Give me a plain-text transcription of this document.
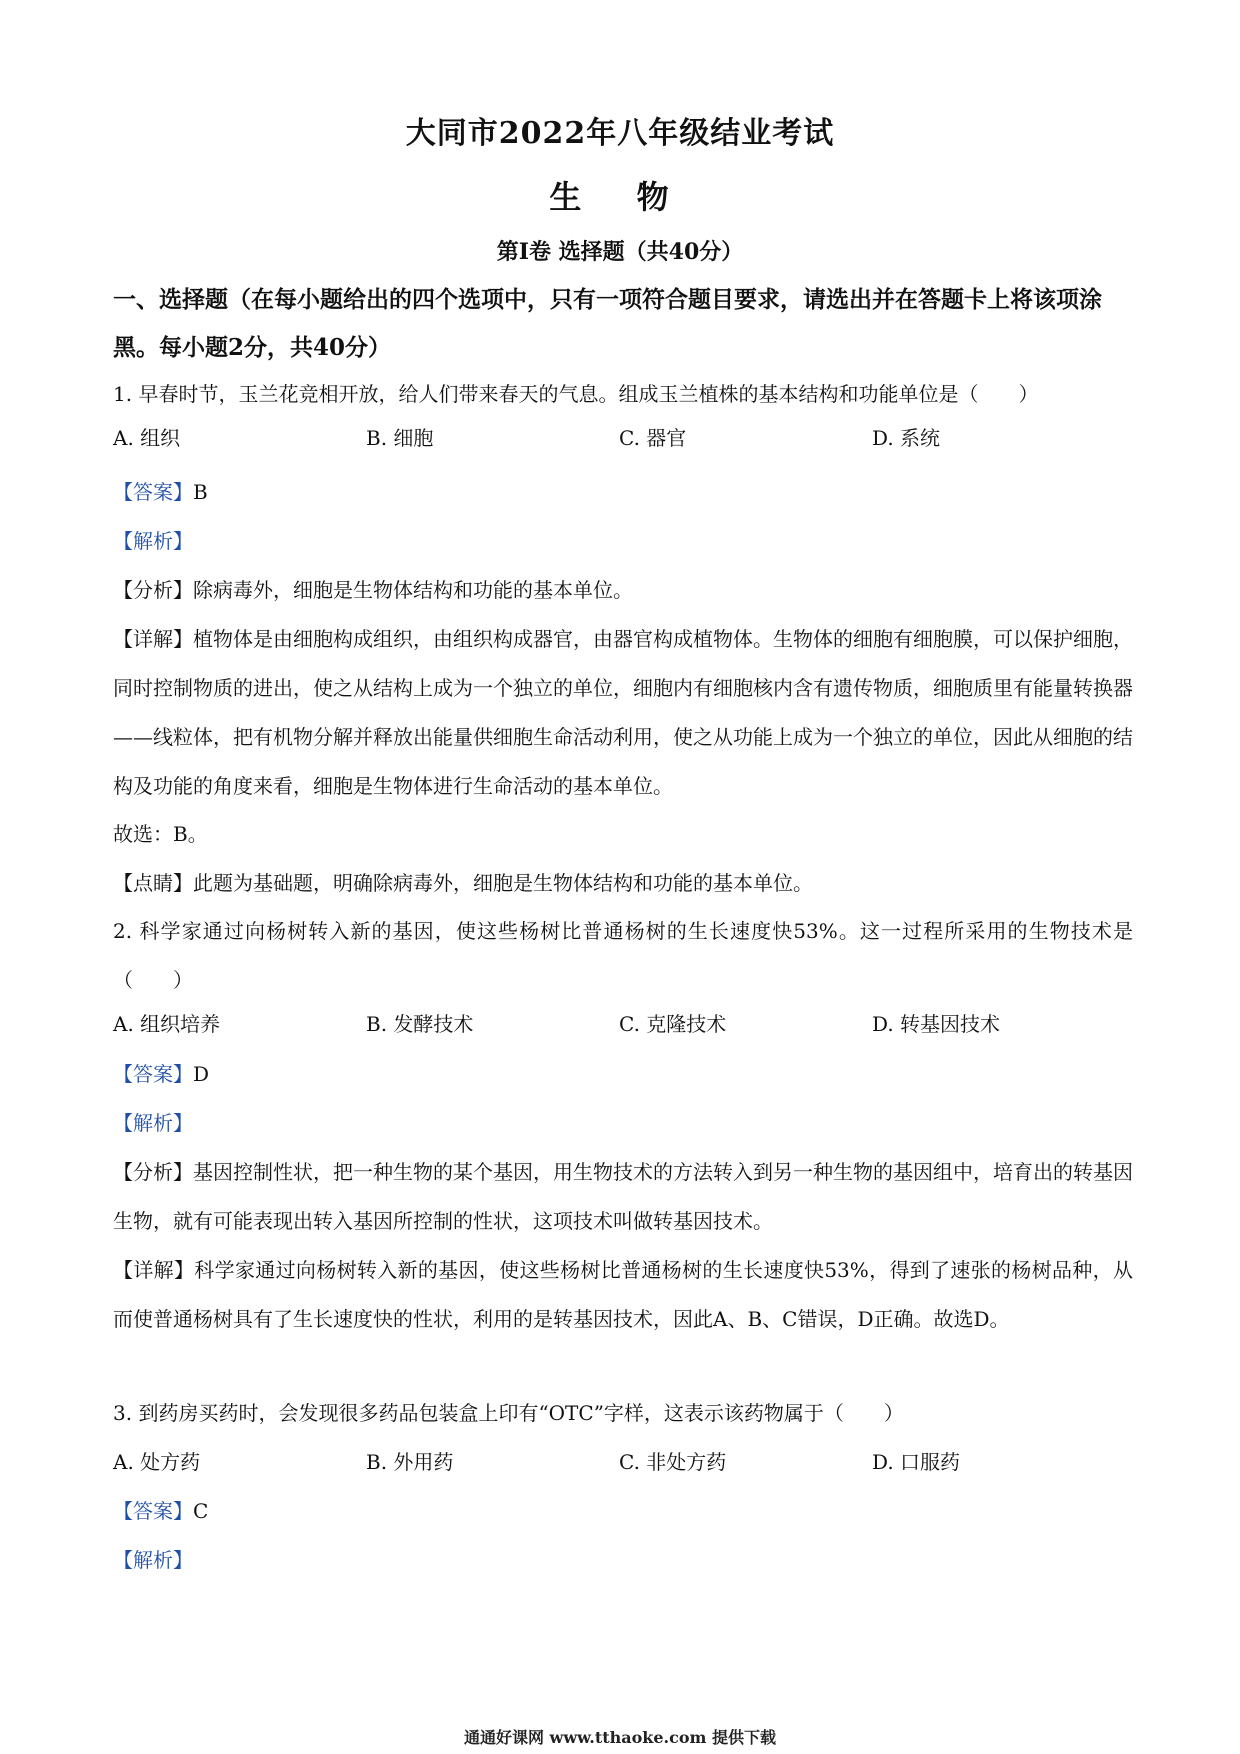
大同市2022年八年级结业考试
生 物
第Ⅰ卷 选择题（共40分）
一、选择题（在每小题给出的四个选项中，只有一项符合题目要求，请选出并在答题卡上将该项涂黑。每小题2分，共40分）
1. 早春时节，玉兰花竞相开放，给人们带来春天的气息。组成玉兰植株的基本结构和功能单位是（　　）
A. 组织	B. 细胞	C. 器官	D. 系统
【答案】B
【解析】
【分析】除病毒外，细胞是生物体结构和功能的基本单位。
【详解】植物体是由细胞构成组织，由组织构成器官，由器官构成植物体。生物体的细胞有细胞膜，可以保护细胞，同时控制物质的进出，使之从结构上成为一个独立的单位，细胞内有细胞核内含有遗传物质，细胞质里有能量转换器——线粒体，把有机物分解并释放出能量供细胞生命活动利用，使之从功能上成为一个独立的单位，因此从细胞的结构及功能的角度来看，细胞是生物体进行生命活动的基本单位。
故选：B。
【点睛】此题为基础题，明确除病毒外，细胞是生物体结构和功能的基本单位。
2. 科学家通过向杨树转入新的基因，使这些杨树比普通杨树的生长速度快53%。这一过程所采用的生物技术是（　　）
A. 组织培养	B. 发酵技术	C. 克隆技术	D. 转基因技术
【答案】D
【解析】
【分析】基因控制性状，把一种生物的某个基因，用生物技术的方法转入到另一种生物的基因组中，培育出的转基因生物，就有可能表现出转入基因所控制的性状，这项技术叫做转基因技术。
【详解】科学家通过向杨树转入新的基因，使这些杨树比普通杨树的生长速度快53%，得到了速张的杨树品种，从而使普通杨树具有了生长速度快的性状，利用的是转基因技术，因此A、B、C错误，D正确。故选D。
3. 到药房买药时，会发现很多药品包装盒上印有“OTC”字样，这表示该药物属于（　　）
A. 处方药	B. 外用药	C. 非处方药	D. 口服药
【答案】C
【解析】
通通好课网 www.tthaoke.com 提供下载
